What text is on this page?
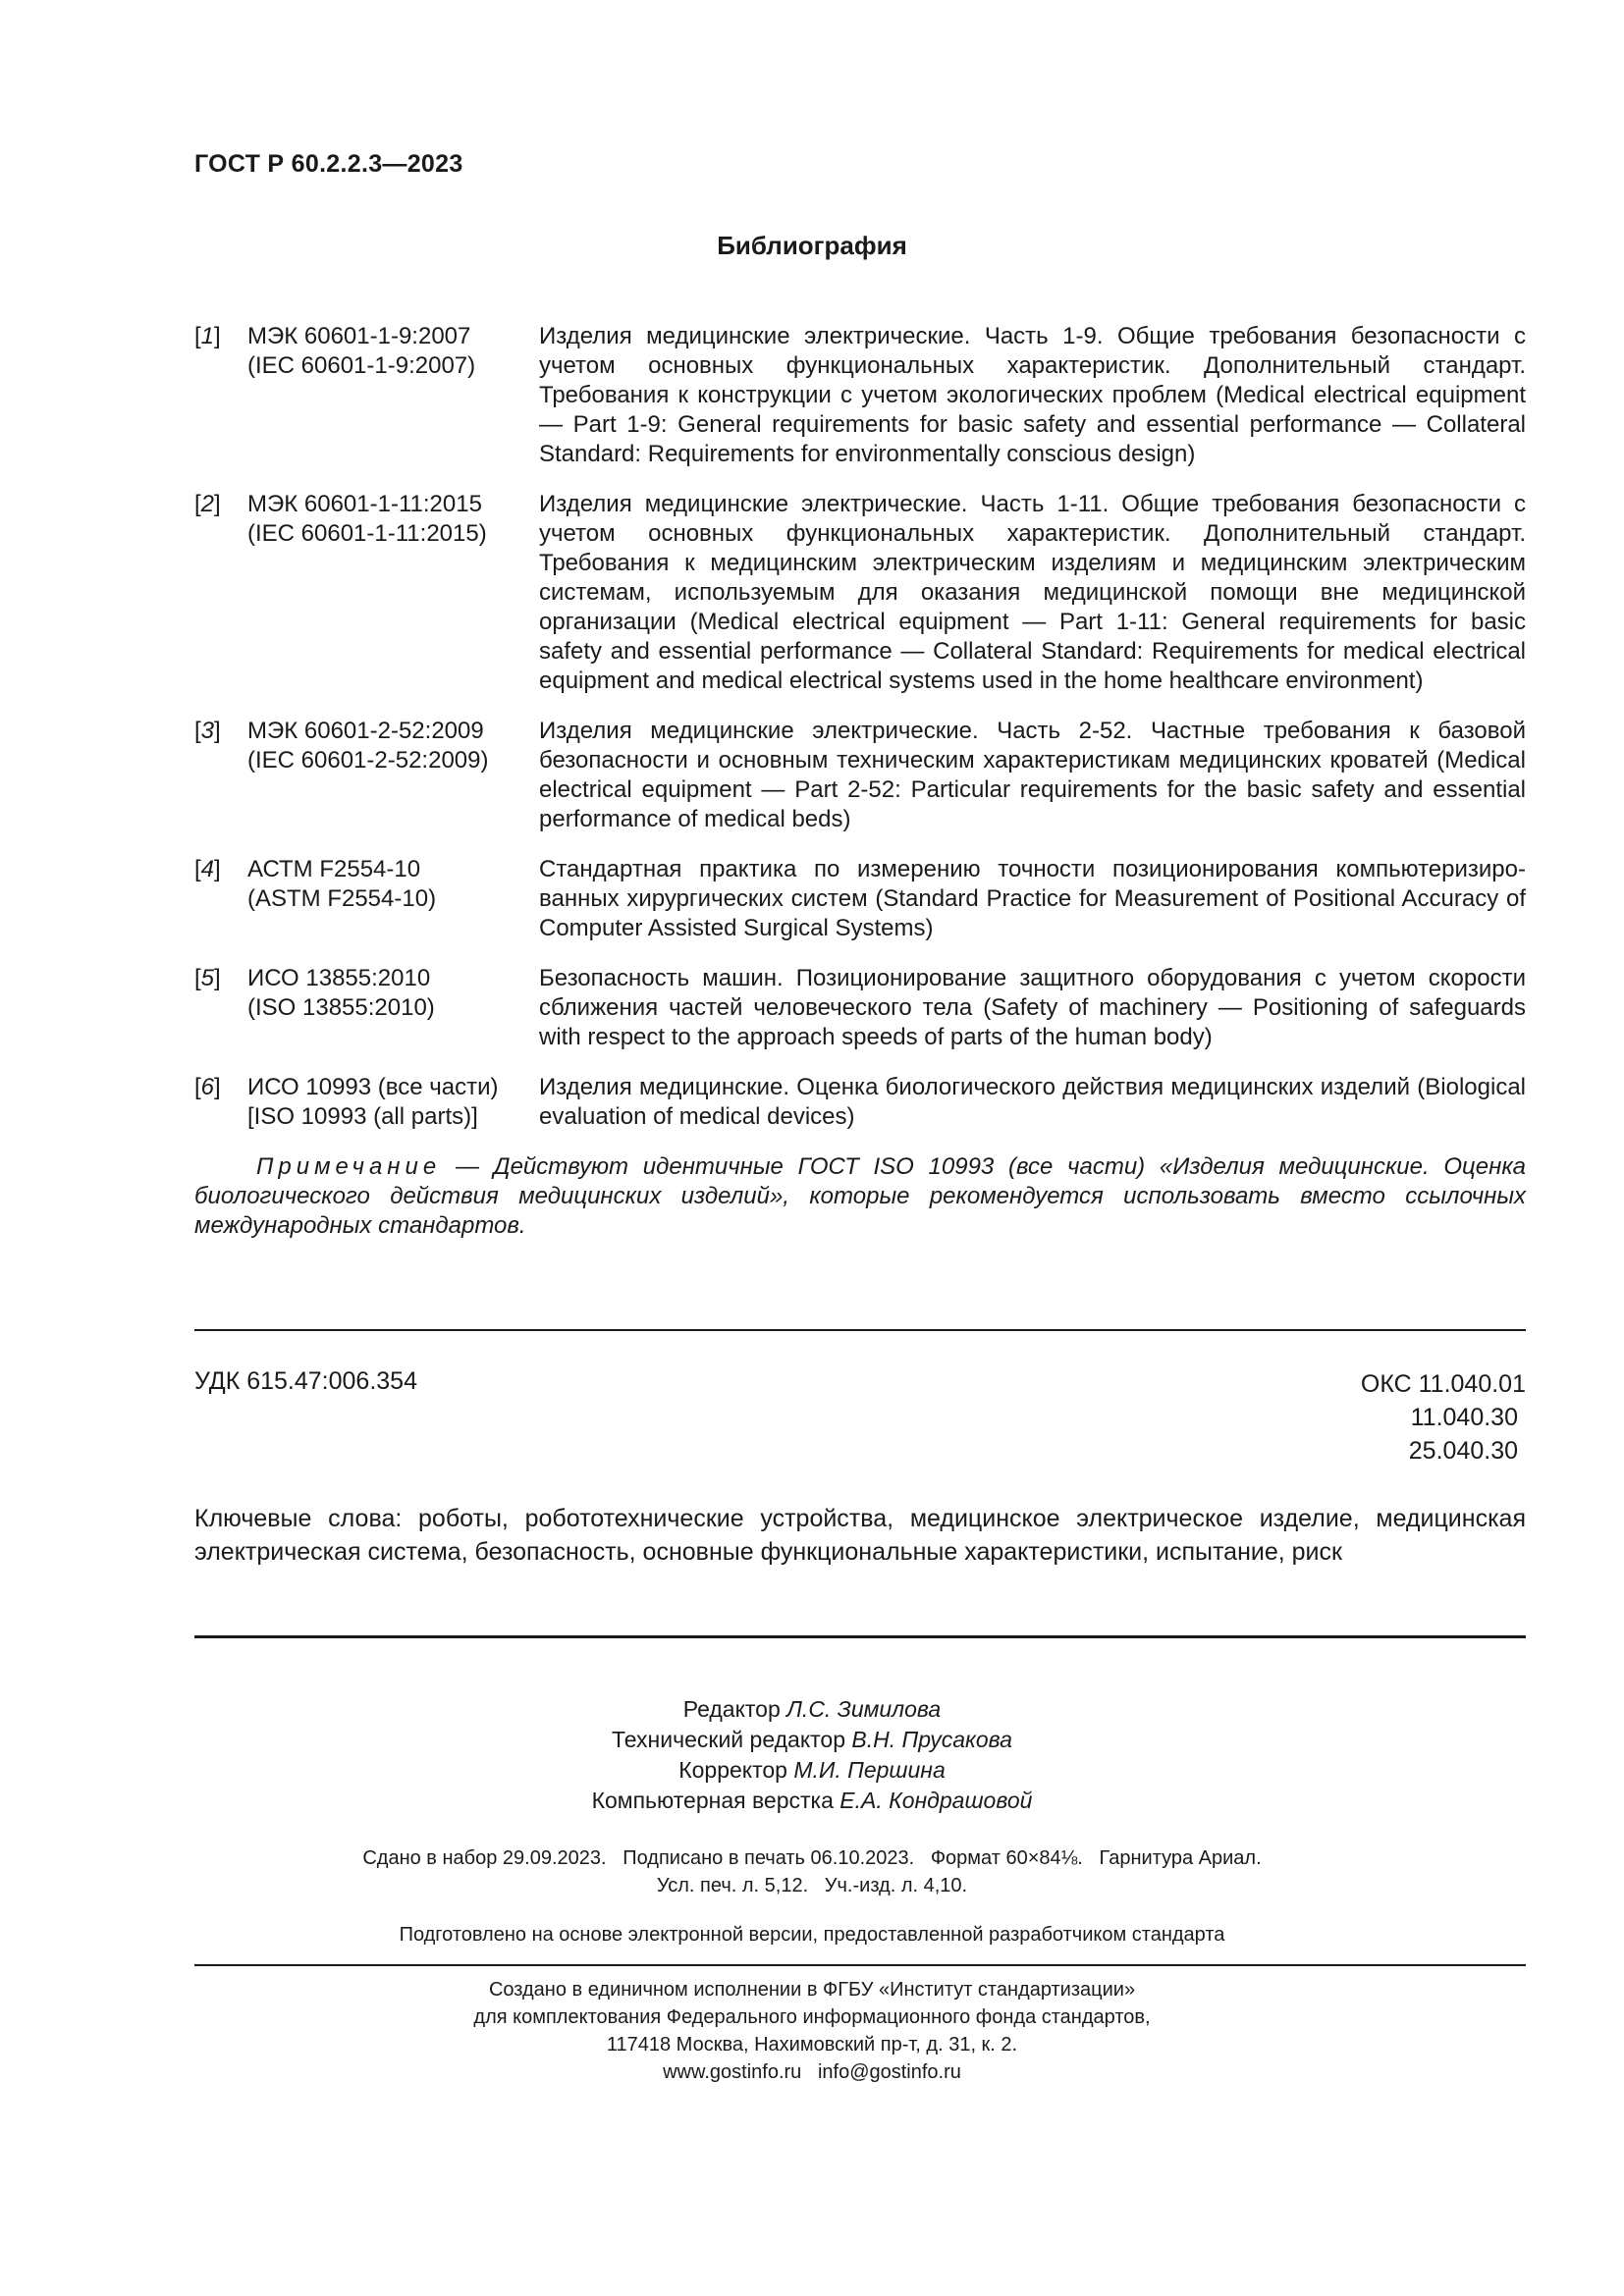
ГОСТ Р 60.2.2.3—2023
Библиография
[1]	МЭК 60601-1-9:2007
(IEC 60601-1-9:2007)
Изделия медицинские электрические. Часть 1-9. Общие требования безопасности с учетом основных функциональных характеристик. Дополнительный стандарт. Требования к конструкции с учетом экологических проблем (Medical electrical equipment — Part 1-9: General requirements for basic safety and essential performance — Collateral Standard: Requirements for environmentally conscious design)
[2]	МЭК 60601-1-11:2015
(IEC 60601-1-11:2015)
Изделия медицинские электрические. Часть 1-11. Общие требования безопасности с учетом основных функциональных характеристик. Дополнительный стандарт. Требования к медицинским электрическим изделиям и медицинским электрическим системам, используемым для оказания медицинской помощи вне медицинской организации (Medical electrical equipment — Part 1-11: General requirements for basic safety and essential performance — Collateral Standard: Requirements for medical electrical equipment and medical electrical systems used in the home healthcare environment)
[3]	МЭК 60601-2-52:2009
(IEC 60601-2-52:2009)
Изделия медицинские электрические. Часть 2-52. Частные требования к базовой безопасности и основным техническим характеристикам медицинских кроватей (Medical electrical equipment — Part 2-52: Particular requirements for the basic safety and essential performance of medical beds)
[4]	АСТМ F2554-10
(ASTM F2554-10)
Стандартная практика по измерению точности позиционирования компьютеризированных хирургических систем (Standard Practice for Measurement of Positional Accuracy of Computer Assisted Surgical Systems)
[5]	ИСО 13855:2010
(ISO 13855:2010)
Безопасность машин. Позиционирование защитного оборудования с учетом скорости сближения частей человеческого тела (Safety of machinery — Positioning of safeguards with respect to the approach speeds of parts of the human body)
[6]	ИСО 10993 (все части)
[ISO 10993 (all parts)]
Изделия медицинские. Оценка биологического действия медицинских изделий (Biological evaluation of medical devices)
Примечание — Действуют идентичные ГОСТ ISO 10993 (все части) «Изделия медицинские. Оценка биологического действия медицинских изделий», которые рекомендуется использовать вместо ссылочных международных стандартов.
УДК 615.47:006.354	ОКС 11.040.01
11.040.30
25.040.30
Ключевые слова: роботы, робототехнические устройства, медицинское электрическое изделие, медицинская электрическая система, безопасность, основные функциональные характеристики, испытание, риск
Редактор Л.С. Зимилова
Технический редактор В.Н. Прусакова
Корректор М.И. Першина
Компьютерная верстка Е.А. Кондрашовой
Сдано в набор 29.09.2023.   Подписано в печать 06.10.2023.   Формат 60×84⅛.   Гарнитура Ариал.
Усл. печ. л. 5,12.   Уч.-изд. л. 4,10.
Подготовлено на основе электронной версии, предоставленной разработчиком стандарта
Создано в единичном исполнении в ФГБУ «Институт стандартизации»
для комплектования Федерального информационного фонда стандартов,
117418 Москва, Нахимовский пр-т, д. 31, к. 2.
www.gostinfo.ru info@gostinfo.ru
